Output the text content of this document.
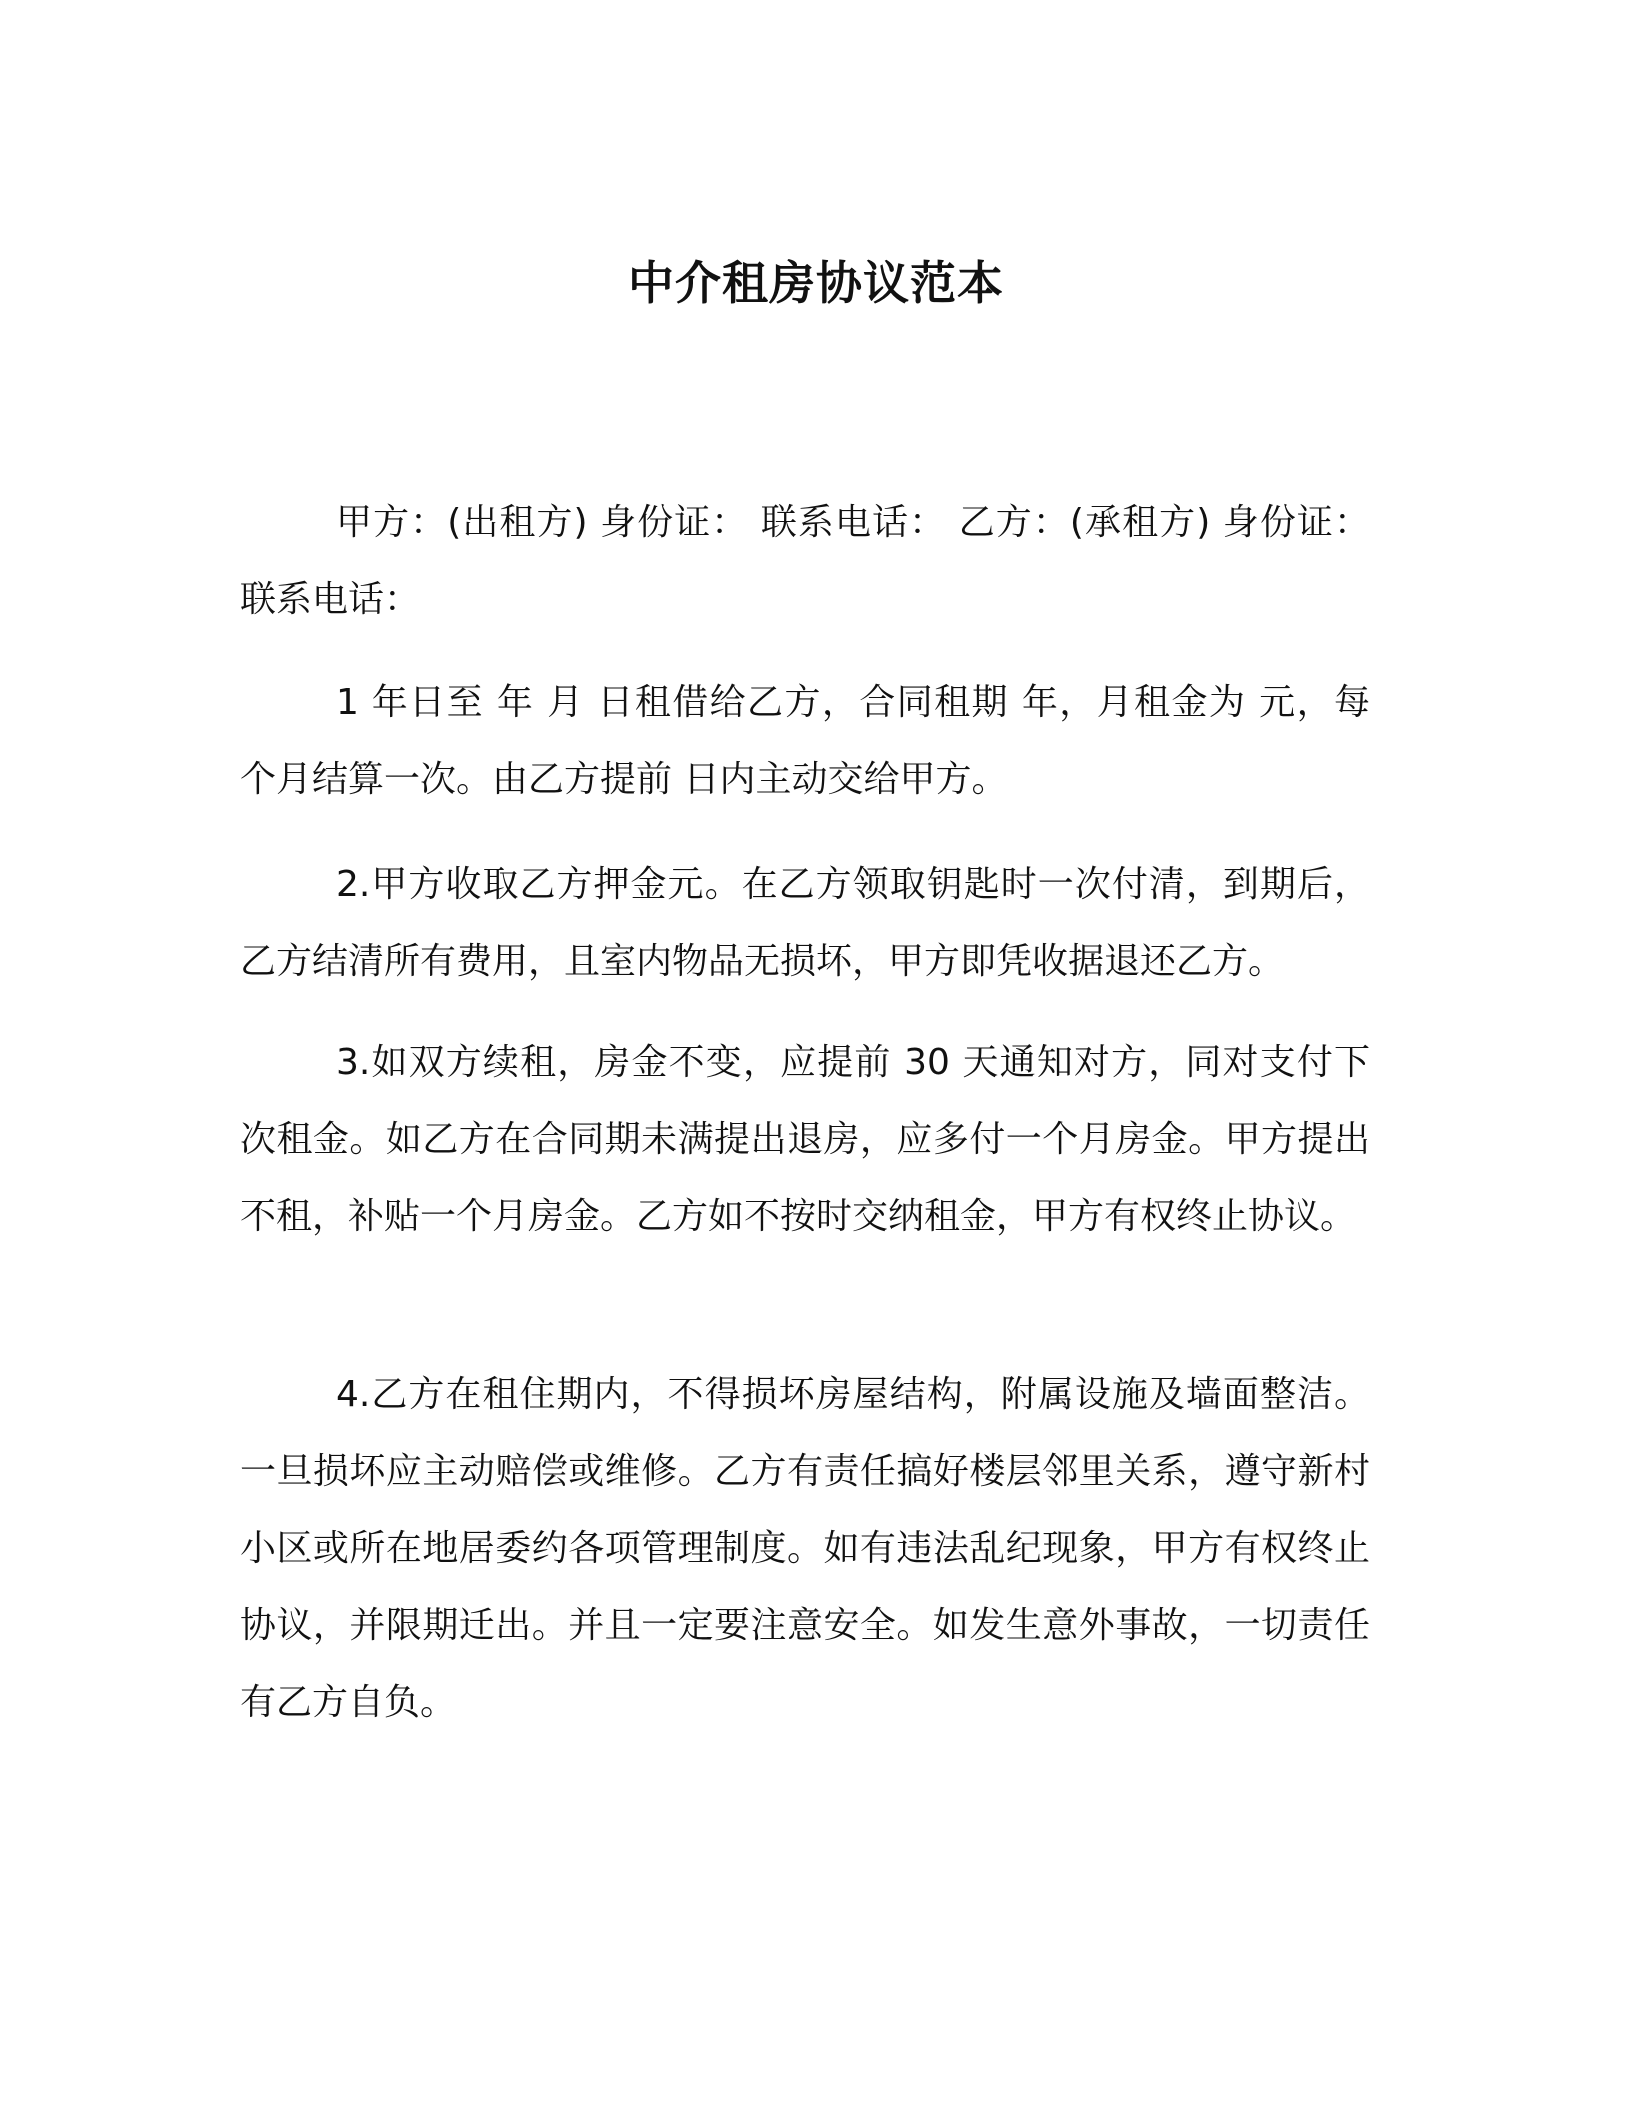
中介租房协议范本

甲方：(出租方) 身份证： 联系电话： 乙方：(承租方) 身份证： 联系电话：

1 年日至 年 月 日租借给乙方，合同租期 年，月租金为 元，每 个月结算一次。由乙方提前 日内主动交给甲方。

2.甲方收取乙方押金元。在乙方领取钥匙时一次付清，到期后，乙方结清所有费用，且室内物品无损坏，甲方即凭收据退还乙方。

3.如双方续租，房金不变，应提前 30 天通知对方，同对支付下次租金。如乙方在合同期未满提出退房，应多付一个月房金。甲方提出不租，补贴一个月房金。乙方如不按时交纳租金，甲方有权终止协议。

4.乙方在租住期内，不得损坏房屋结构，附属设施及墙面整洁。一旦损坏应主动赔偿或维修。乙方有责任搞好楼层邻里关系，遵守新村小区或所在地居委约各项管理制度。如有违法乱纪现象，甲方有权终止协议，并限期迁出。并且一定要注意安全。如发生意外事故，一切责任有乙方自负。
